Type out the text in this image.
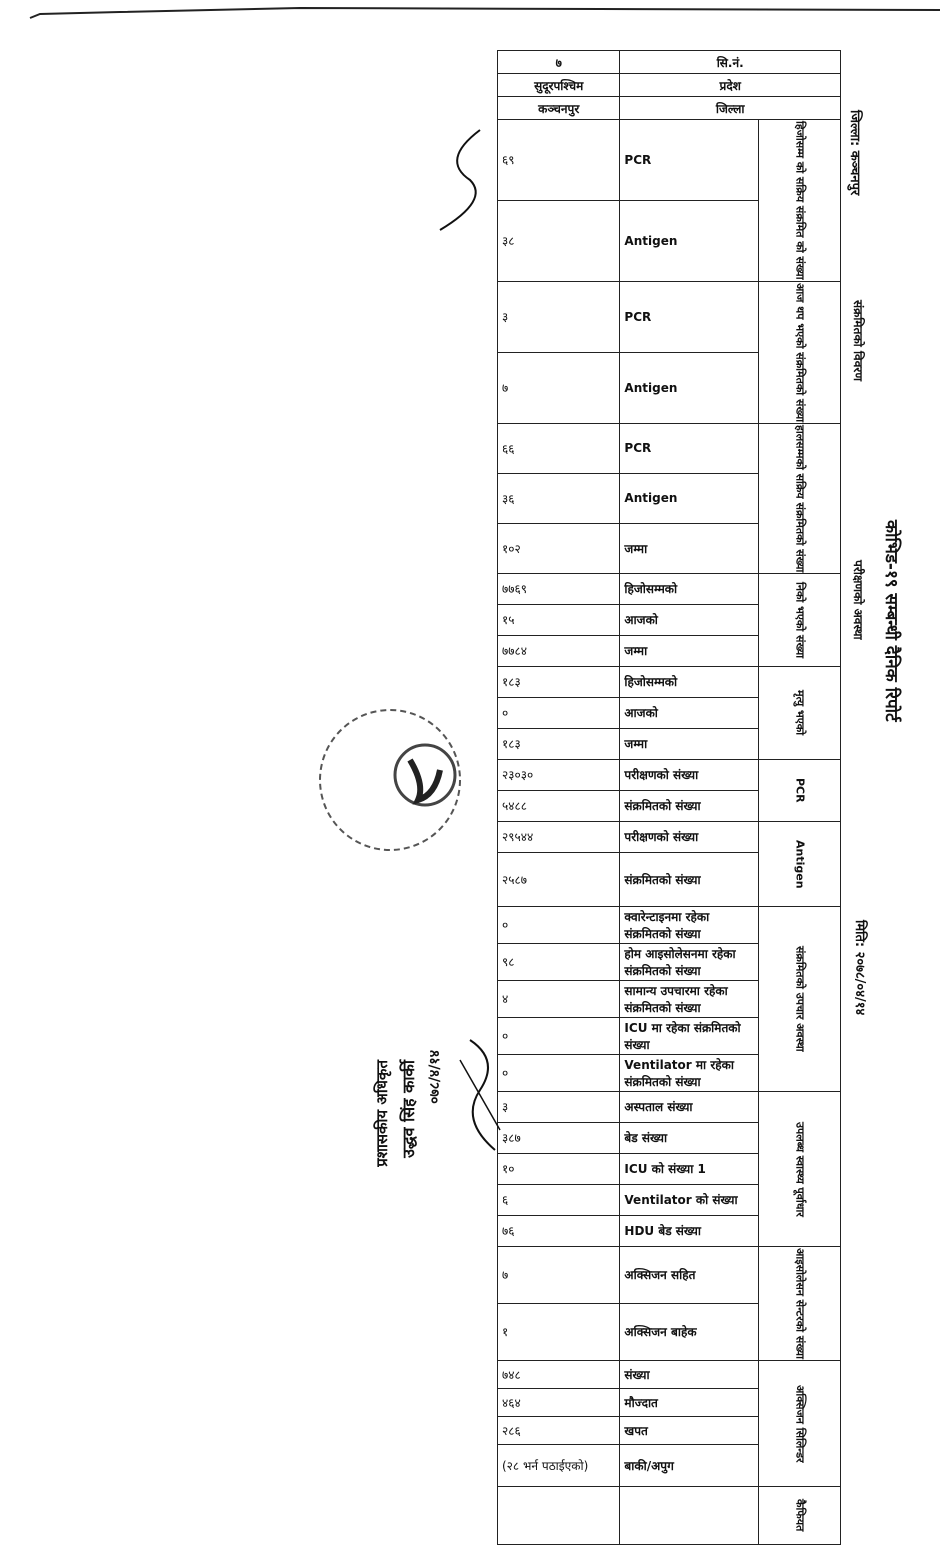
७	सि.नं.	
सुदूरपश्चिम	प्रदेश	
कञ्चनपुर	जिल्ला	
६९	PCR	हिजोसम्म को सक्रिय संक्रमित को संख्या

३८	Antigen	
३	PCR	आज थप भएको संक्रमितको संख्या

७	Antigen	
६६	PCR	हालसम्मको सक्रिय संक्रमितको संख्या

३६	Antigen	
१०२	जम्मा	
७७६९	हिजोसम्मको	निको भएको संख्या

१५	आजको	
७७८४	जम्मा	
१८३	हिजोसम्मको	मृत्यु भएको

०	आजको	
१८३	जम्मा	
२३०३०	परीक्षणको संख्या	PCR

५४८८	संक्रमितको संख्या	
२९५४४	परीक्षणको संख्या	Antigen

२५८७	संक्रमितको संख्या	
०	क्वारेन्टाइनमा रहेका संक्रमितको संख्या	संक्रमितको उपचार अवस्था

९८	होम आइसोलेसनमा रहेका संक्रमितको संख्या	
४	सामान्य उपचारमा रहेका संक्रमितको संख्या	
०	ICU मा रहेका संक्रमितको संख्या	
०	Ventilator मा रहेका संक्रमितको संख्या	
३	अस्पताल संख्या	उपलब्ध स्वास्थ्य पूर्वाधार

३८७	बेड संख्या	
१०	ICU को संख्या 1	
६	Ventilator को संख्या	
७६	HDU बेड संख्या	
७	अक्सिजन सहित	आइसोलेसन सेन्टरको संख्या

१	अक्सिजन बाहेक	
७४८	संख्या	अक्सिजन सिलिन्डर

४६४	मौज्दात	
२८६	खपत	
(२८ भर्न पठाईएको)	बाकी/अपुग	

		कैफियत
जिल्ला: कञ्चनपुर
संक्रमितको विवरण
परीक्षणको अवस्था कोभिड-१९ सम्बन्धी दैनिक रिपोर्ट
मिति: २०७८/०४/१४
०७८/४/१४
उद्धव सिंह कार्की
प्रशासकीय अधिकृत
